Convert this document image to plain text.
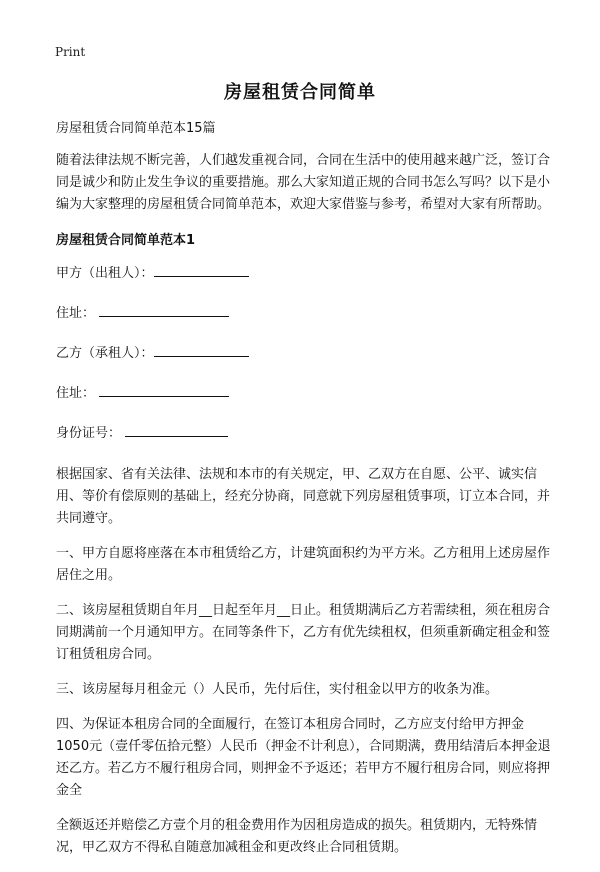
Print
房屋租赁合同简单

房屋租赁合同简单范本15篇

随着法律法规不断完善，人们越发重视合同，合同在生活中的使用越来越广泛，签订合同是诚少和防止发生争议的重要措施。那么大家知道正规的合同书怎么写吗？以下是小编为大家整理的房屋租赁合同简单范本，欢迎大家借鉴与参考，希望对大家有所帮助。

房屋租赁合同简单范本1

甲方（出租人）：
住址：
乙方（承租人）：
住址：
身份证号：

根据国家、省有关法律、法规和本市的有关规定，甲、乙双方在自愿、公平、诚实信用、等价有偿原则的基础上，经充分协商，同意就下列房屋租赁事项，订立本合同，并共同遵守。

一、甲方自愿将座落在本市租赁给乙方，计建筑面积约为平方米。乙方租用上述房屋作居住之用。

二、该房屋租赁期自年月__日起至年月__日止。租赁期满后乙方若需续租，须在租房合同期满前一个月通知甲方。在同等条件下，乙方有优先续租权，但须重新确定租金和签订租赁租房合同。

三、该房屋每月租金元（）人民币，先付后住，实付租金以甲方的收条为准。

四、为保证本租房合同的全面履行，在签订本租房合同时，乙方应支付给甲方押金1050元（壹仟零伍拾元整）人民币（押金不计利息），合同期满，费用结清后本押金退还乙方。若乙方不履行租房合同，则押金不予返还；若甲方不履行租房合同，则应将押金全

全额返还并赔偿乙方壹个月的租金费用作为因租房造成的损失。租赁期内，无特殊情况，甲乙双方不得私自随意加减租金和更改终止合同租赁期。
